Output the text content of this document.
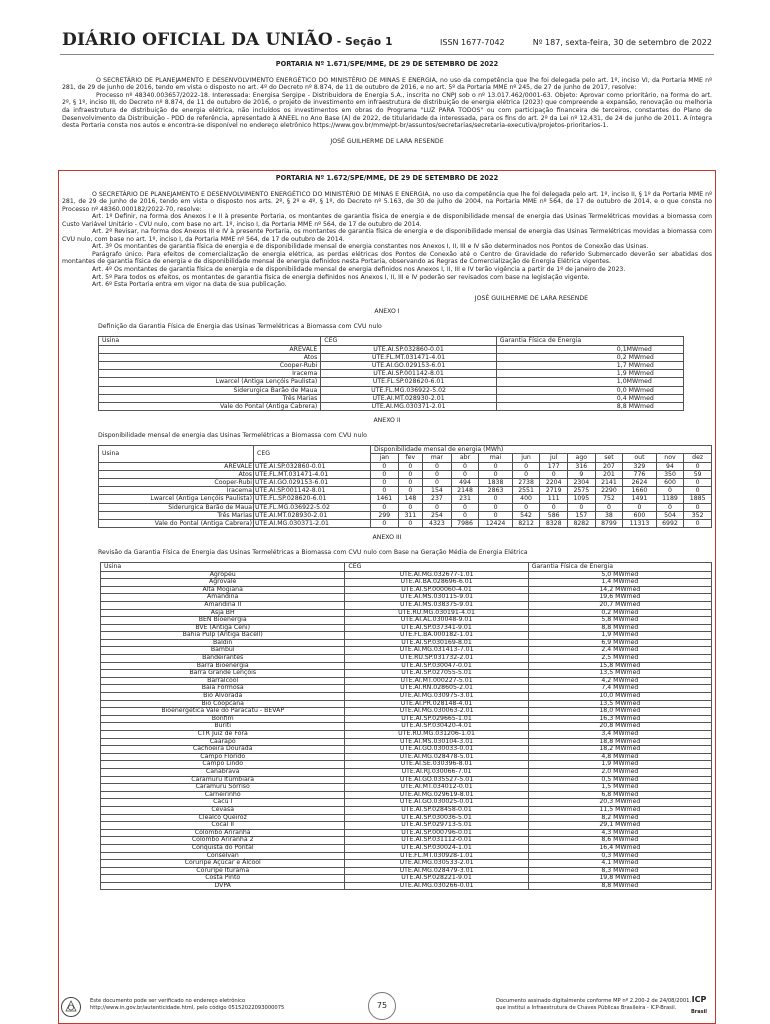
DIÁRIO OFICIAL DA UNIÃO - Seção 1	ISSN 1677-7042	Nº 187, sexta-feira, 30 de setembro de 2022
PORTARIA Nº 1.671/SPE/MME, DE 29 DE SETEMBRO DE 2022

O SECRETÁRIO DE PLANEJAMENTO E DESENVOLVIMENTO ENERGÉTICO DO MINISTÉRIO DE MINAS E ENERGIA, no uso da competência que lhe foi delegada pelo art. 1º, inciso VI, da Portaria MME nº 281, de 29 de junho de 2016, tendo em vista o disposto no art. 4º do Decreto nº 8.874, de 11 de outubro de 2016, e no art. 5º da Portaria MME nº 245, de 27 de junho de 2017, resolve:

Processo nº 48340.003657/2022-18. Interessada: Energisa Sergipe - Distribuidora de Energia S.A., inscrita no CNPJ sob o nº 13.017.462/0001-63. Objeto: Aprovar como prioritário, na forma do art. 2º, § 1º, inciso III, do Decreto nº 8.874, de 11 de outubro de 2016, o projeto de investimento em infraestrutura de distribuição de energia elétrica (2023) que compreende a expansão, renovação ou melhoria da infraestrutura de distribuição de energia elétrica, não incluídos os investimentos em obras do Programa "LUZ PARA TODOS" ou com participação financeira de terceiros, constantes do Plano de Desenvolvimento da Distribuição - PDD de referência, apresentado à ANEEL no Ano Base (A) de 2022, de titularidade da interessada, para os fins do art. 2º da Lei nº 12.431, de 24 de junho de 2011. A íntegra desta Portaria consta nos autos e encontra-se disponível no endereço eletrônico https://www.gov.br/mme/pt-br/assuntos/secretarias/secretaria-executiva/projetos-prioritarios-1.

JOSÉ GUILHERME DE LARA RESENDE
PORTARIA Nº 1.672/SPE/MME, DE 29 DE SETEMBRO DE 2022

O SECRETÁRIO DE PLANEJAMENTO E DESENVOLVIMENTO ENERGÉTICO DO MINISTÉRIO DE MINAS E ENERGIA, no uso da competência que lhe foi delegada pelo art. 1º, inciso II, § 1º da Portaria MME nº 281, de 29 de junho de 2016, tendo em vista o disposto nos arts. 2º, § 2º e 4º, § 1º, do Decreto nº 5.163, de 30 de julho de 2004, na Portaria MME nº 564, de 17 de outubro de 2014, e o que consta no Processo nº 48360.000182/2022-70, resolve:

Art. 1º Definir, na forma dos Anexos I e II à presente Portaria, os montantes de garantia física de energia e de disponibilidade mensal de energia das Usinas Termelétricas movidas a biomassa com Custo Variável Unitário - CVU nulo, com base no art. 1º, inciso I, da Portaria MME nº 564, de 17 de outubro de 2014.

Art. 2º Revisar, na forma dos Anexos III e IV à presente Portaria, os montantes de garantia física de energia e de disponibilidade mensal de energia das Usinas Termelétricas movidas a biomassa com CVU nulo, com base no art. 1º, inciso I, da Portaria MME nº 564, de 17 de outubro de 2014.

Art. 3º Os montantes de garantia física de energia e de disponibilidade mensal de energia constantes nos Anexos I, II, III e IV são determinados nos Pontos de Conexão das Usinas.

Parágrafo único. Para efeitos de comercialização de energia elétrica, as perdas elétricas dos Pontos de Conexão até o Centro de Gravidade do referido Submercado deverão ser abatidas dos montantes de garantia física de energia e de disponibilidade mensal de energia definidos nesta Portaria, observando as Regras de Comercialização de Energia Elétrica vigentes.

Art. 4º Os montantes de garantia física de energia e de disponibilidade mensal de energia definidos nos Anexos I, II, III e IV terão vigência a partir de 1º de janeiro de 2023.

Art. 5º Para todos os efeitos, os montantes de garantia física de energia definidos nos Anexos I, II, III e IV poderão ser revisados com base na legislação vigente.

Art. 6º Esta Portaria entra em vigor na data de sua publicação.

JOSÉ GUILHERME DE LARA RESENDE
ANEXO I
Definição da Garantia Física de Energia das Usinas Termelétricas a Biomassa com CVU nulo
Usina	CEG	Garantia Física de Energia
AREVALE	UTE.AI.SP.032860-0.01	0,1MWmed
Atos	UTE.FL.MT.031471-4.01	0,2 MWmed
Cooper-Rubi	UTE.AI.GO.029153-6.01	1,7 MWmed
Iracema	UTE.AI.SP.001142-8.01	1,9 MWmed
Lwarcel (Antiga Lençóis Paulista)	UTE.FL.SP.028620-6.01	1,0MWmed
Siderurgica Barão de Maua	UTE.FL.MG.036922-5.02	0,0 MWmed
Três Marias	UTE.AI.MT.028930-2.01	0,4 MWmed
Vale do Pontal (Antiga Cabrera)	UTE.AI.MG.030371-2.01	8,8 MWmed
ANEXO II
Disponibilidade mensal de energia das Usinas Termelétricas a Biomassa com CVU nulo
Usina	CEG	Disponibilidade mensal de energia (MWh)											
		jan	fev	mar	abr	mai	jun	jul	ago	set	out	nov	dez
AREVALE	UTE.AI.SP.032860-0.01	0	0	0	0	0	0	177	316	207	329	94	0
Atos	UTE.FL.MT.031471-4.01	0	0	0	0	0	0	0	9	201	776	350	59
Cooper-Rubi	UTE.AI.GO.029153-6.01	0	0	0	494	1838	2738	2204	2304	2141	2624	600	0
Iracema	UTE.AI.SP.001142-8.01	0	0	154	2148	2863	2551	2719	2575	2290	1660	0	0
Lwarcel (Antiga Lençóis Paulista)	UTE.FL.SP.028620-6.01	1461	148	237	231	0	400	111	1095	752	1491	1189	1885
Siderurgica Barão de Maua	UTE.FL.MG.036922-5.02	0	0	0	0	0	0	0	0	0	0	0	0
Três Marias	UTE.AI.MT.028930-2.01	299	311	254	0	0	542	586	157	38	600	504	352
Vale do Pontal (Antiga Cabrera)	UTE.AI.MG.030371-2.01	0	0	4323	7986	12424	8212	8328	8282	8799	11313	6992	0
ANEXO III
Revisão da Garantia Física de Energia das Usinas Termelétricas a Biomassa com CVU nulo com Base na Geração Média de Energia Elétrica
Usina	CEG	Garantia Física de Energia
Agropéu	UTE.AI.MG.032677-1.01	5,0 MWmed
Agrovale	UTE.AI.BA.028696-6.01	1,4 MWmed
Alta Mogiana	UTE.AI.SP.000060-4.01	14,2 MWmed
Amandina	UTE.AI.MS.030115-9.01	19,6 MWmed
Amandina II	UTE.AI.MS.038375-9.01	20,7 MWmed
Asja BH	UTE.RU.MG.030191-4.01	0,2 MWmed
BEN Bioenergia	UTE.AI.AL.030048-9.01	5,8 MWmed
BVE (Antiga Ceni)	UTE.AI.SP.037341-9.01	8,8 MWmed
Bahia Pulp (Antiga Bacell)	UTE.FL.BA.000182-1.01	1,9 MWmed
Baldin	UTE.AI.SP.030169-8.01	6,9 MWmed
Bambuí	UTE.AI.MG.031413-7.01	2,4 MWmed
Bandeirantes	UTE.RU.SP.031732-2.01	2,5 MWmed
Barra Bioenergia	UTE.AI.SP.030047-0.01	15,8 MWmed
Barra Grande Lençóis	UTE.AI.SP.027055-5.01	13,5 MWmed
Barralcool	UTE.AI.MT.000227-5.01	4,2 MWmed
Baía Formosa	UTE.AI.RN.028605-2.01	7,4 MWmed
Bio Alvorada	UTE.AI.MG.030975-3.01	10,0 MWmed
Bio Coopcana	UTE.AI.PR.028148-4.01	13,5 MWmed
Bioenergética Vale do Paracatu - BEVAP	UTE.AI.MG.030063-2.01	18,0 MWmed
Bonfim	UTE.AI.SP.029665-1.01	16,3 MWmed
Buriti	UTE.AI.SP.030420-4.01	20,8 MWmed
CTR Juiz de Fora	UTE.RU.MG.031206-1.01	3,4 MWmed
Caarapó	UTE.AI.MS.030104-3.01	18,8 MWmed
Cachoeira Dourada	UTE.AI.GO.030033-0.01	18,2 MWmed
Campo Florido	UTE.AI.MG.028478-5.01	4,8 MWmed
Campo Lindo	UTE.AI.SE.030396-8.01	1,9 MWmed
Canabrava	UTE.AI.RJ.030066-7.01	2,0 MWmed
Caramuru Itumbiara	UTE.AI.GO.035527-5.01	0,5 MWmed
Caramuru Sorriso	UTE.AI.MT.034012-0.01	1,5 MWmed
Carneirinho	UTE.AI.MG.029619-8.01	6,8 MWmed
Cacú I	UTE.AI.GO.030025-0.01	20,3 MWmed
Cevasa	UTE.AI.SP.028458-0.01	11,5 MWmed
Clealco Queiroz	UTE.AI.SP.030036-5.01	8,2 MWmed
Cocal II	UTE.AI.SP.029713-5.01	29,1 MWmed
Colombo Ariranha	UTE.AI.SP.000796-0.01	4,3 MWmed
Colombo Ariranha 2	UTE.AI.SP.031112-0.01	8,6 MWmed
Conquista do Pontal	UTE.AI.SP.030024-1.01	16,4 MWmed
Conselvan	UTE.FL.MT.030928-1.01	0,3 MWmed
Corurípe Açúcar e Álcool	UTE.AI.MG.030533-2.01	4,1 MWmed
Corurípe Iturama	UTE.AI.MG.028479-3.01	8,3 MWmed
Costa Pinto	UTE.AI.SP.028221-9.01	19,8 MWmed
DVPA	UTE.AI.MG.030266-0.01	8,8 MWmed
Este documento pode ser verificado no endereço eletrônico
http://www.in.gov.br/autenticidade.html, pelo código 05152022093000075	75	Documento assinado digitalmente conforme MP nº 2.200-2 de 24/08/2001,
que institui a Infraestrutura de Chaves Públicas Brasileira - ICP-Brasil.
ICP
Brasil
